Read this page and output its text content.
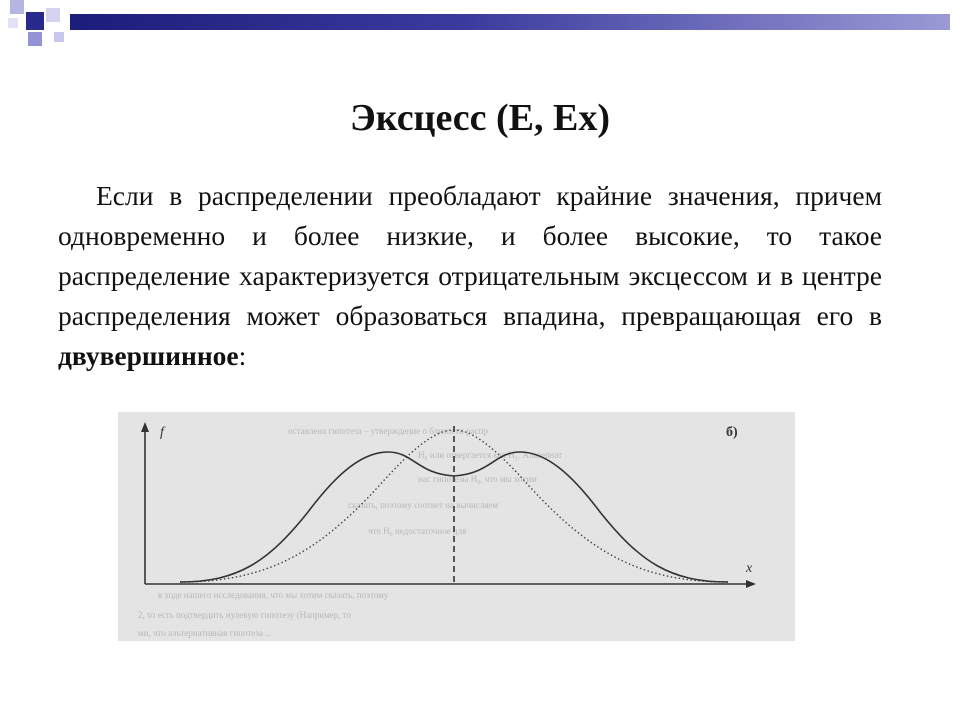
Эксцесс (E, Ex)

Если в распределении преобладают крайние значения, причем одновременно и более низкие, и более высокие, то такое распределение характеризуется отрицательным эксцессом и в центре распределения может образоваться впадина, превращающая его в двувершинное:

оставлена гипотеза – утверждение о близости распр
H₀ или отвергается как H₁. Альтернат
нас гипотезы H₀, что мы хотим
сказать, поэтому соответ на вычисляем
что H₀ недостаточное для
в ходе нашего исследования, что мы хотим сказать, поэтому
2, то есть подтвердить нулевую гипотезу (Например, то
ми, что альтернативная гипотеза ...
f
x
б)
